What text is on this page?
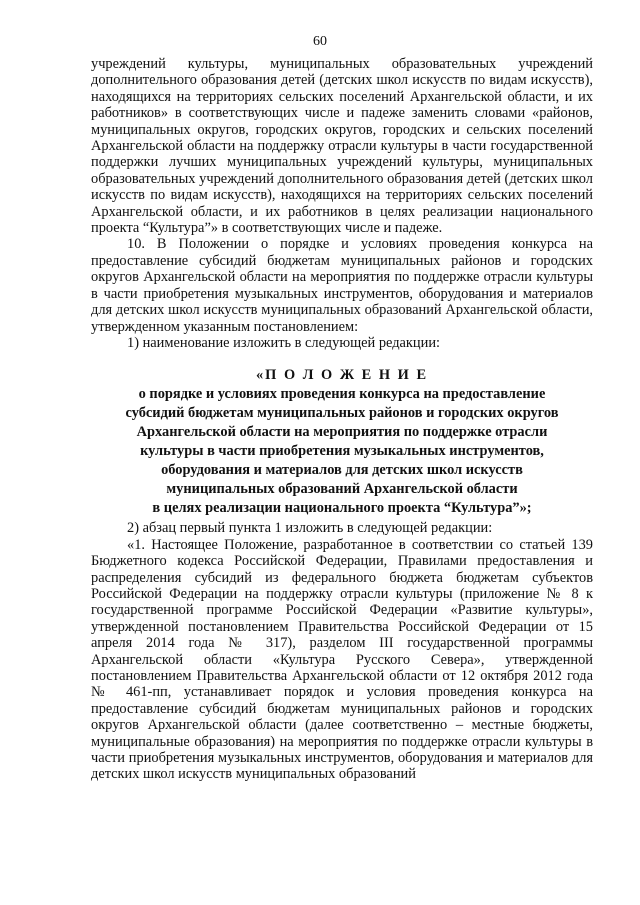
60

учреждений культуры, муниципальных образовательных учреждений дополнительного образования детей (детских школ искусств по видам искусств), находящихся на территориях сельских поселений Архангельской области, и их работников» в соответствующих числе и падеже заменить словами «районов, муниципальных округов, городских округов, городских и сельских поселений Архангельской области на поддержку отрасли культуры в части государственной поддержки лучших муниципальных учреждений культуры, муниципальных образовательных учреждений дополнительного образования детей (детских школ искусств по видам искусств), находящихся на территориях сельских поселений Архангельской области, и их работников в целях реализации национального проекта “Культура”» в соответствующих числе и падеже.

10. В Положении о порядке и условиях проведения конкурса на предоставление субсидий бюджетам муниципальных районов и городских округов Архангельской области на мероприятия по поддержке отрасли культуры в части приобретения музыкальных инструментов, оборудования и материалов для детских школ искусств муниципальных образований Архангельской области, утвержденном указанным постановлением:

1) наименование изложить в следующей редакции:

«П О Л О Ж Е Н И Е
о порядке и условиях проведения конкурса на предоставление
субсидий бюджетам муниципальных районов и городских округов
Архангельской области на мероприятия по поддержке отрасли
культуры в части приобретения музыкальных инструментов,
оборудования и материалов для детских школ искусств
муниципальных образований Архангельской области
в целях реализации национального проекта “Культура”»;

2) абзац первый пункта 1 изложить в следующей редакции:

«1. Настоящее Положение, разработанное в соответствии со статьей 139 Бюджетного кодекса Российской Федерации, Правилами предоставления и распределения субсидий из федерального бюджета бюджетам субъектов Российской Федерации на поддержку отрасли культуры (приложение № 8 к государственной программе Российской Федерации «Развитие культуры», утвержденной постановлением Правительства Российской Федерации от 15 апреля 2014 года № 317), разделом III государственной программы Архангельской области «Культура Русского Севера», утвержденной постановлением Правительства Архангельской области от 12 октября 2012 года № 461-пп, устанавливает порядок и условия проведения конкурса на предоставление субсидий бюджетам муниципальных районов и городских округов Архангельской области (далее соответственно – местные бюджеты, муниципальные образования) на мероприятия по поддержке отрасли культуры в части приобретения музыкальных инструментов, оборудования и материалов для детских школ искусств муниципальных образований
